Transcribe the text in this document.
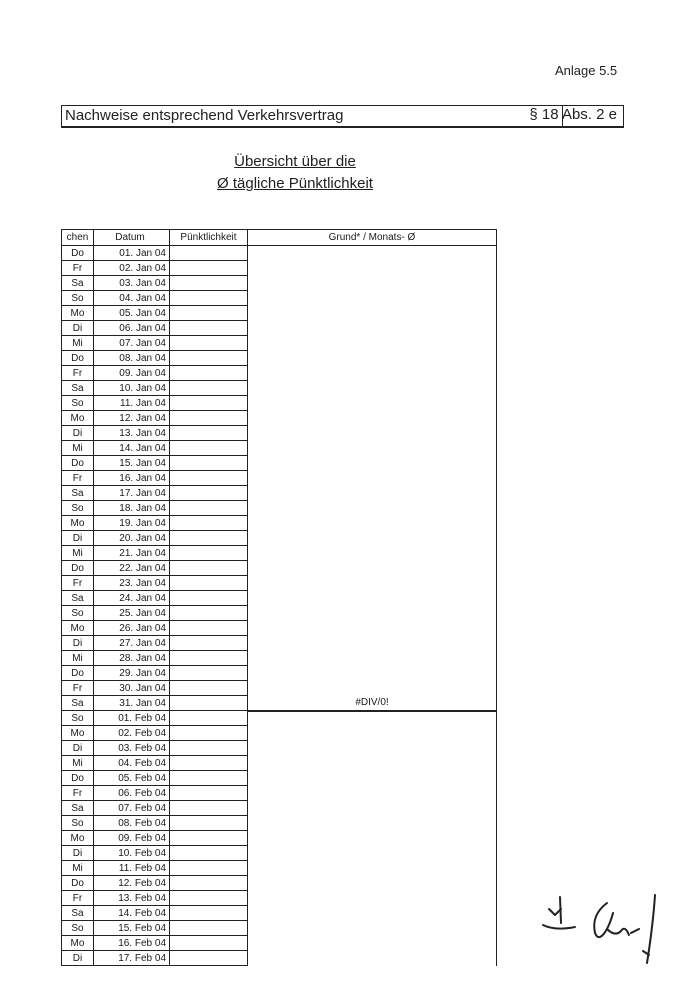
Anlage 5.5
Nachweise entsprechend Verkehrsvertrag	§ 18 Abs. 2 e
Übersicht über die
Ø tägliche Pünktlichkeit
chen	Datum	Pünktlichkeit	Grund* / Monats- Ø
Do	01. Jan 04		
Fr	02. Jan 04		
Sa	03. Jan 04		
So	04. Jan 04		
Mo	05. Jan 04		
Di	06. Jan 04		
Mi	07. Jan 04		
Do	08. Jan 04		
Fr	09. Jan 04		
Sa	10. Jan 04		
So	11. Jan 04		
Mo	12. Jan 04		
Di	13. Jan 04		
Mi	14. Jan 04		
Do	15. Jan 04		
Fr	16. Jan 04		
Sa	17. Jan 04		
So	18. Jan 04		
Mo	19. Jan 04		
Di	20. Jan 04		
Mi	21. Jan 04		
Do	22. Jan 04		
Fr	23. Jan 04		
Sa	24. Jan 04		
So	25. Jan 04		
Mo	26. Jan 04		
Di	27. Jan 04		
Mi	28. Jan 04		
Do	29. Jan 04		
Fr	30. Jan 04		
Sa	31. Jan 04		#DIV/0!
So	01. Feb 04		
Mo	02. Feb 04		
Di	03. Feb 04		
Mi	04. Feb 04		
Do	05. Feb 04		
Fr	06. Feb 04		
Sa	07. Feb 04		
So	08. Feb 04		
Mo	09. Feb 04		
Di	10. Feb 04		
Mi	11. Feb 04		
Do	12. Feb 04		
Fr	13. Feb 04		
Sa	14. Feb 04		
So	15. Feb 04		
Mo	16. Feb 04		
Di	17. Feb 04		
